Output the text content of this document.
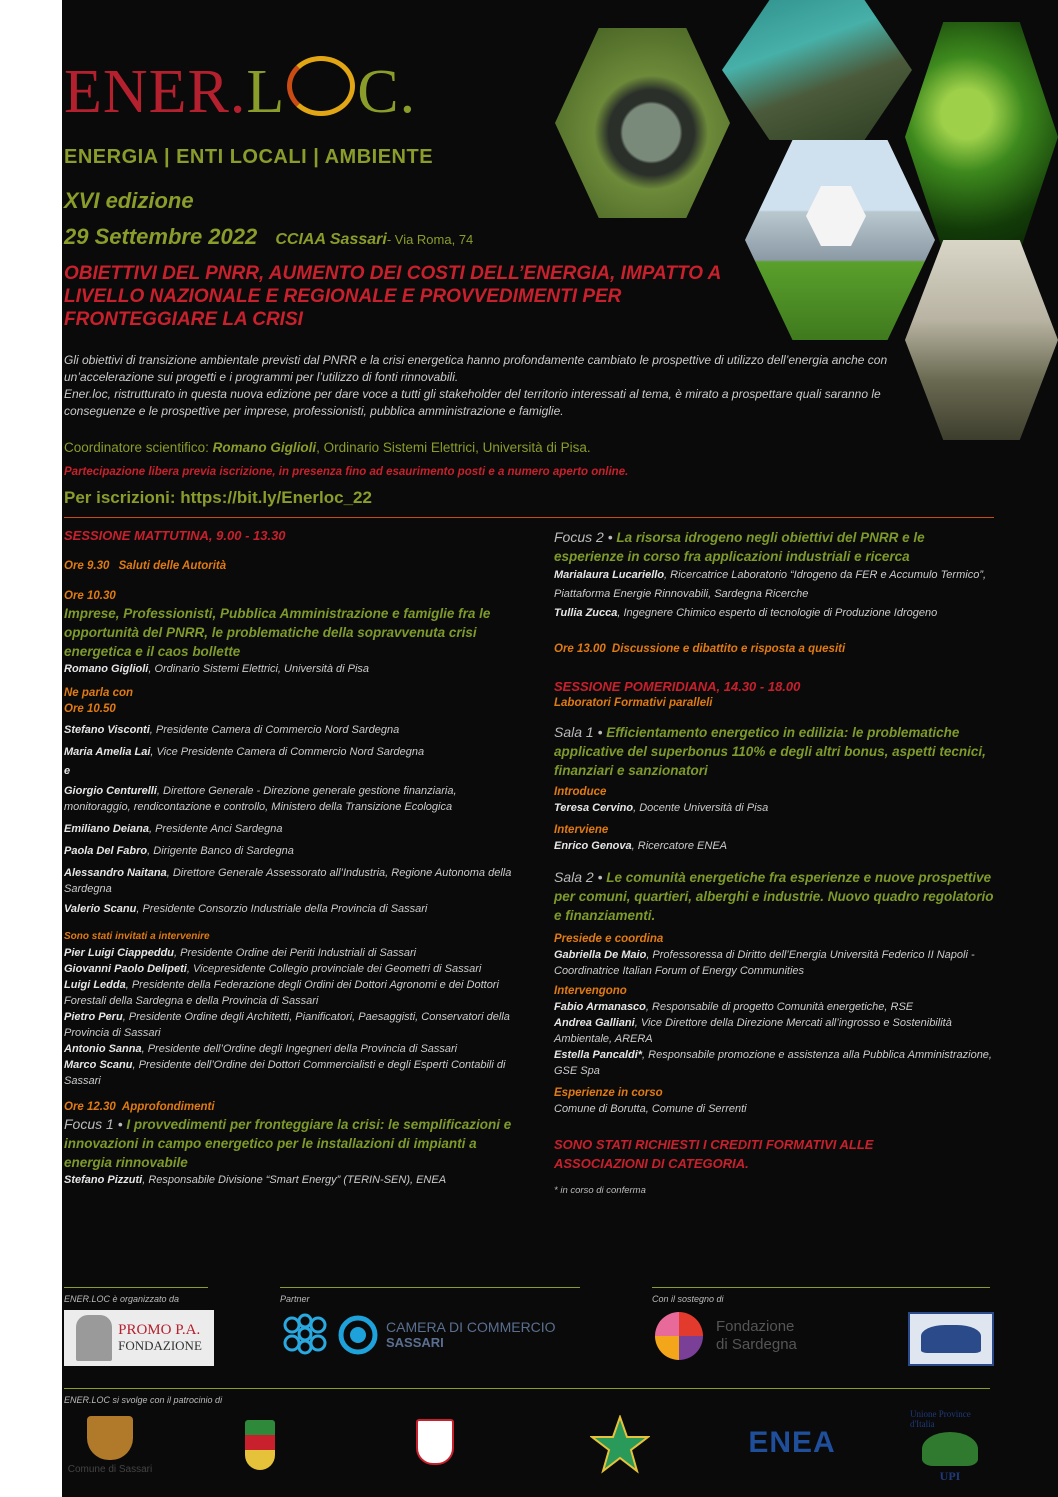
ENER.L C.
ENERGIA | ENTI LOCALI | AMBIENTE
XVI edizione
29 Settembre 2022 CCIAA Sassari- Via Roma, 74

OBIETTIVI DEL PNRR, AUMENTO DEI COSTI DELL’ENERGIA, IMPATTO A LIVELLO NAZIONALE E REGIONALE E PROVVEDIMENTI PER FRONTEGGIARE LA CRISI

Gli obiettivi di transizione ambientale previsti dal PNRR e la crisi energetica hanno profondamente cambiato le prospettive di utilizzo dell’energia anche con un’accelerazione sui progetti e i programmi per l’utilizzo di fonti rinnovabili.

Ener.loc, ristrutturato in questa nuova edizione per dare voce a tutti gli stakeholder del territorio interessati al tema, è mirato a prospettare quali saranno le conseguenze e le prospettive per imprese, professionisti, pubblica amministrazione e famiglie.

Coordinatore scientifico: Romano Giglioli, Ordinario Sistemi Elettrici, Università di Pisa.
Partecipazione libera previa iscrizione, in presenza fino ad esaurimento posti e a numero aperto online.
Per iscrizioni: https://bit.ly/Enerloc_22

SESSIONE MATTUTINA, 9.00 - 13.30

Ore 9.30 Saluti delle Autorità

Ore 10.30

Imprese, Professionisti, Pubblica Amministrazione e famiglie fra le opportunità del PNRR, le problematiche della sopravvenuta crisi energetica e il caos bollette

Romano Giglioli, Ordinario Sistemi Elettrici, Università di Pisa

Ne parla con

Ore 10.50

Stefano Visconti, Presidente Camera di Commercio Nord Sardegna

Maria Amelia Lai, Vice Presidente Camera di Commercio Nord Sardegna

e

Giorgio Centurelli, Direttore Generale - Direzione generale gestione finanziaria, monitoraggio, rendicontazione e controllo, Ministero della Transizione Ecologica

Emiliano Deiana, Presidente Anci Sardegna

Paola Del Fabro, Dirigente Banco di Sardegna

Alessandro Naitana, Direttore Generale Assessorato all’Industria, Regione Autonoma della Sardegna

Valerio Scanu, Presidente Consorzio Industriale della Provincia di Sassari

Sono stati invitati a intervenire

Pier Luigi Ciappeddu, Presidente Ordine dei Periti Industriali di Sassari

Giovanni Paolo Delipeti, Vicepresidente Collegio provinciale dei Geometri di Sassari

Luigi Ledda, Presidente della Federazione degli Ordini dei Dottori Agronomi e dei Dottori Forestali della Sardegna e della Provincia di Sassari

Pietro Peru, Presidente Ordine degli Architetti, Pianificatori, Paesaggisti, Conservatori della Provincia di Sassari

Antonio Sanna, Presidente dell’Ordine degli Ingegneri della Provincia di Sassari

Marco Scanu, Presidente dell’Ordine dei Dottori Commercialisti e degli Esperti Contabili di Sassari

Ore 12.30 Approfondimenti

Focus 1 • I provvedimenti per fronteggiare la crisi: le semplificazioni e innovazioni in campo energetico per le installazioni di impianti a energia rinnovabile

Stefano Pizzuti, Responsabile Divisione “Smart Energy” (TERIN-SEN), ENEA

Focus 2 • La risorsa idrogeno negli obiettivi del PNRR e le esperienze in corso fra applicazioni industriali e ricerca

Marialaura Lucariello, Ricercatrice Laboratorio “Idrogeno da FER e Accumulo Termico”, Piattaforma Energie Rinnovabili, Sardegna Ricerche

Tullia Zucca, Ingegnere Chimico esperto di tecnologie di Produzione Idrogeno

Ore 13.00 Discussione e dibattito e risposta a quesiti

SESSIONE POMERIDIANA, 14.30 - 18.00

Laboratori Formativi paralleli

Sala 1 • Efficientamento energetico in edilizia: le problematiche applicative del superbonus 110% e degli altri bonus, aspetti tecnici, finanziari e sanzionatori

Introduce

Teresa Cervino, Docente Università di Pisa

Interviene

Enrico Genova, Ricercatore ENEA

Sala 2 • Le comunità energetiche fra esperienze e nuove prospettive per comuni, quartieri, alberghi e industrie. Nuovo quadro regolatorio e finanziamenti.

Presiede e coordina

Gabriella De Maio, Professoressa di Diritto dell’Energia Università Federico II Napoli - Coordinatrice Italian Forum of Energy Communities

Intervengono

Fabio Armanasco, Responsabile di progetto Comunità energetiche, RSE

Andrea Galliani, Vice Direttore della Direzione Mercati all’ingrosso e Sostenibilità Ambientale, ARERA

Estella Pancaldi*, Responsabile promozione e assistenza alla Pubblica Amministrazione, GSE Spa

Esperienze in corso

Comune di Borutta, Comune di Serrenti

SONO STATI RICHIESTI I CREDITI FORMATIVI ALLE ASSOCIAZIONI DI CATEGORIA.

* in corso di conferma

ENER.LOC è organizzato da	Partner	Con il sostegno di
PROMO P.A.
FONDAZIONE
CAMERA DI COMMERCIO
SASSARI
Fondazione
di Sardegna
ENER.LOC si svolge con il patrocinio di
Comune di Sassari
ENEA
Unione Province d'Italia
UPI
